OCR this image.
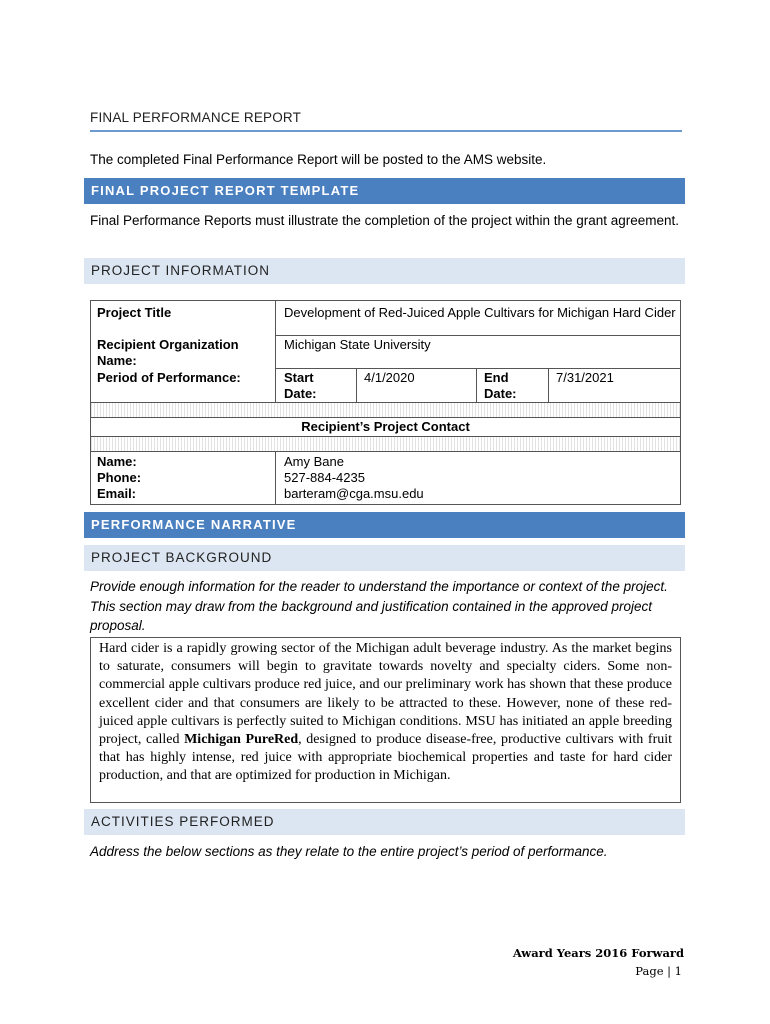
FINAL PERFORMANCE REPORT
The completed Final Performance Report will be posted to the AMS website.
FINAL PROJECT REPORT TEMPLATE
Final Performance Reports must illustrate the completion of the project within the grant agreement.
PROJECT INFORMATION
Project Title
Recipient Organization Name:
Period of Performance:
Development of Red-Juiced Apple Cultivars for Michigan Hard Cider
Michigan State University
Start Date:
4/1/2020	End Date:
7/31/2021
Recipient’s Project Contact
Name:
Phone:
Email:
Amy Bane
527-884-4235
barteram@cga.msu.edu
PERFORMANCE NARRATIVE
PROJECT BACKGROUND
Provide enough information for the reader to understand the importance or context of the project. This section may draw from the background and justification contained in the approved project proposal.
Hard cider is a rapidly growing sector of the Michigan adult beverage industry. As the market begins to saturate, consumers will begin to gravitate towards novelty and specialty ciders. Some non-commercial apple cultivars produce red juice, and our preliminary work has shown that these produce excellent cider and that consumers are likely to be attracted to these. However, none of these red-juiced apple cultivars is perfectly suited to Michigan conditions. MSU has initiated an apple breeding project, called Michigan PureRed, designed to produce disease-free, productive cultivars with fruit that has highly intense, red juice with appropriate biochemical properties and taste for hard cider production, and that are optimized for production in Michigan.
ACTIVITIES PERFORMED
Address the below sections as they relate to the entire project’s period of performance.
Award Years 2016 Forward
Page | 1
